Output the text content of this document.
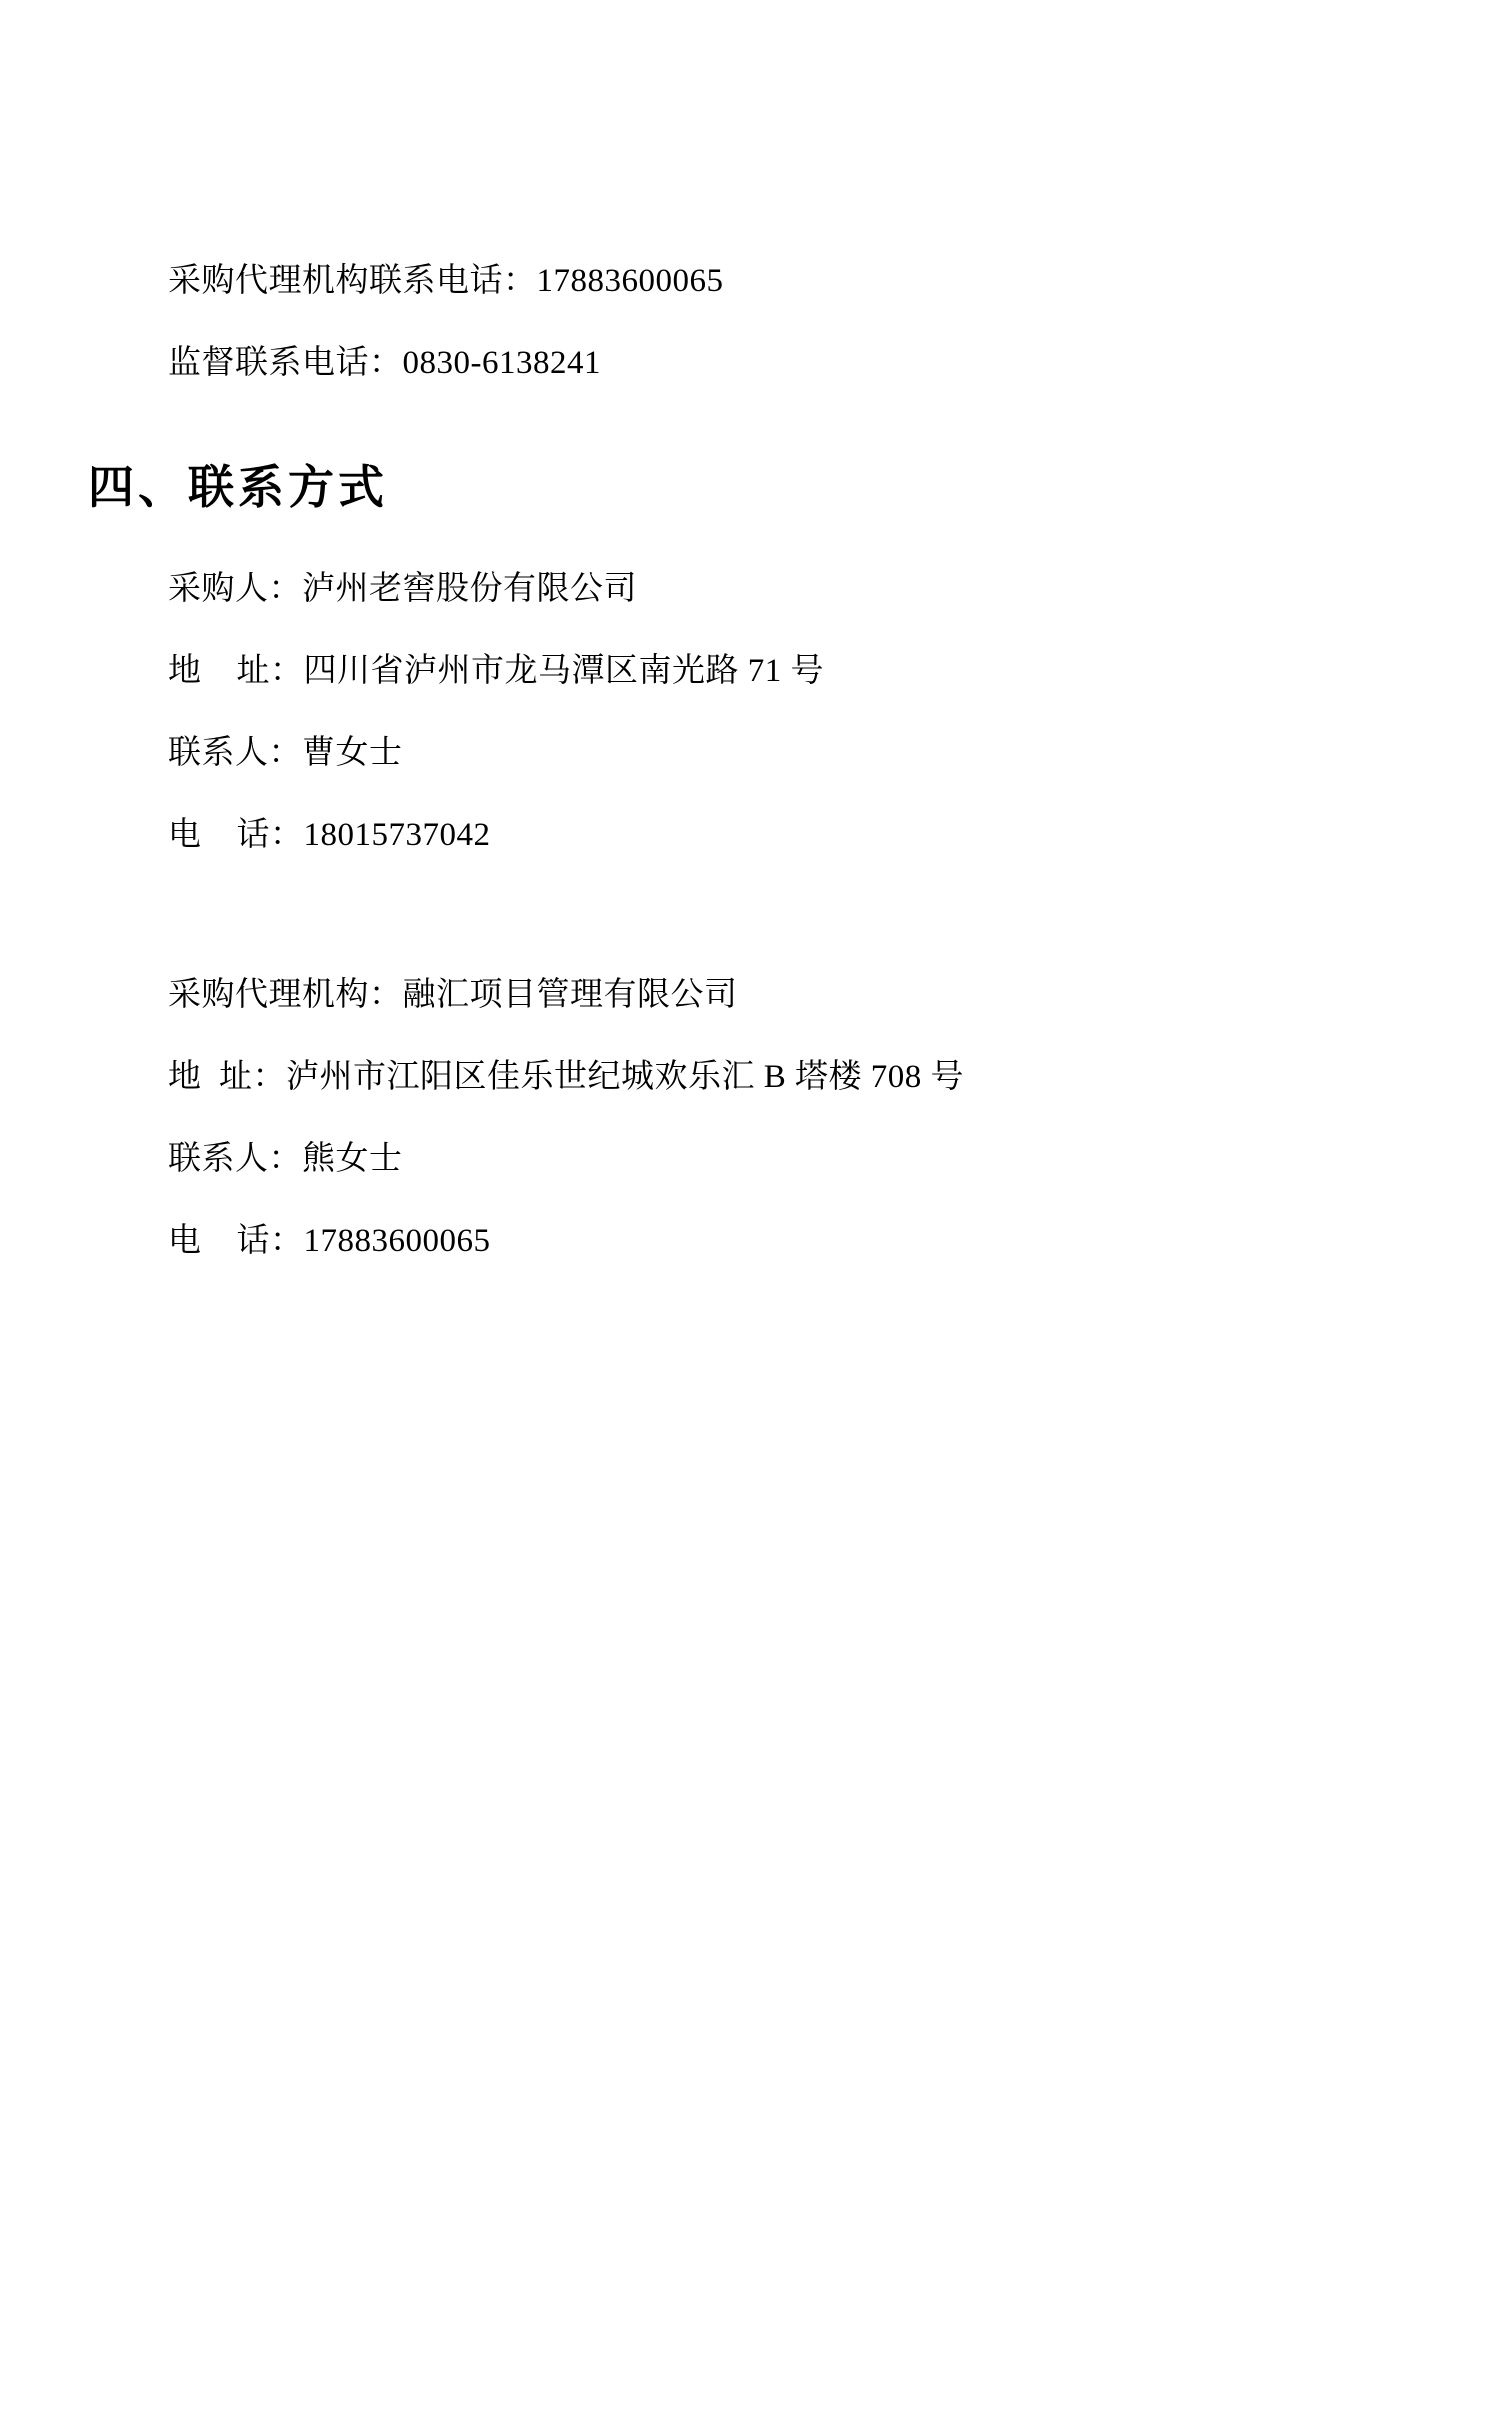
采购代理机构联系电话：17883600065
监督联系电话：0830-6138241
四、联系方式
采购人：泸州老窖股份有限公司
地    址：四川省泸州市龙马潭区南光路 71 号
联系人：曹女士
电    话：18015737042
采购代理机构：融汇项目管理有限公司
地  址：泸州市江阳区佳乐世纪城欢乐汇 B 塔楼 708 号
联系人：熊女士
电    话：17883600065
